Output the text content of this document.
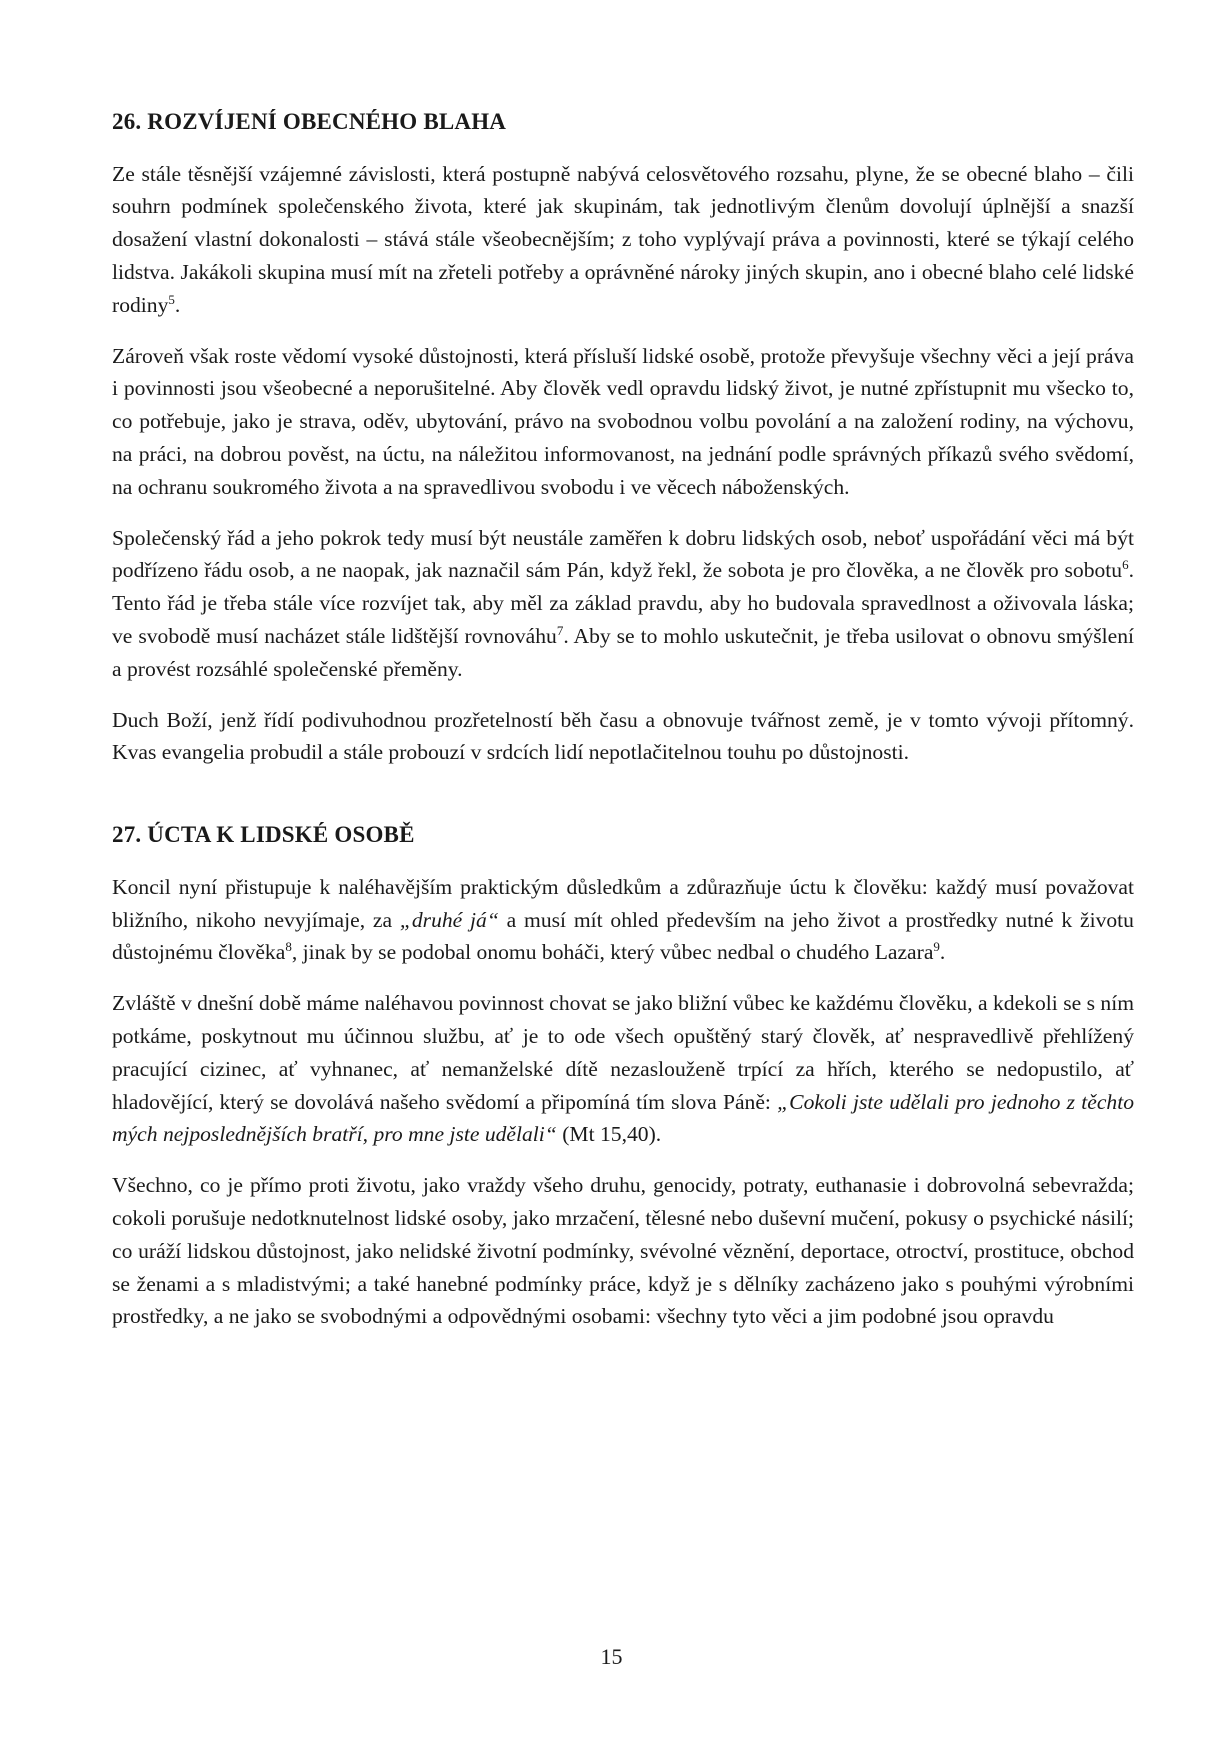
26. ROZVÍJENÍ OBECNÉHO BLAHA

Ze stále těsnější vzájemné závislosti, která postupně nabývá celosvětového rozsahu, plyne, že se obecné blaho – čili souhrn podmínek společenského života, které jak skupinám, tak jednotlivým členům dovolují úplnější a snazší dosažení vlastní dokonalosti – stává stále všeobecnějším; z toho vyplývají práva a povinnosti, které se týkají celého lidstva. Jakákoli skupina musí mít na zřeteli potřeby a oprávněné nároky jiných skupin, ano i obecné blaho celé lidské rodiny$^5$.

Zároveň však roste vědomí vysoké důstojnosti, která přísluší lidské osobě, protože převyšuje všechny věci a její práva i povinnosti jsou všeobecné a neporušitelné. Aby člověk vedl opravdu lidský život, je nutné zpřístupnit mu všecko to, co potřebuje, jako je strava, oděv, ubytování, právo na svobodnou volbu povolání a na založení rodiny, na výchovu, na práci, na dobrou pověst, na úctu, na náležitou informovanost, na jednání podle správných příkazů svého svědomí, na ochranu soukromého života a na spravedlivou svobodu i ve věcech náboženských.

Společenský řád a jeho pokrok tedy musí být neustále zaměřen k dobru lidských osob, neboť uspořádání věci má být podřízeno řádu osob, a ne naopak, jak naznačil sám Pán, když řekl, že sobota je pro člověka, a ne člověk pro sobotu$^6$. Tento řád je třeba stále více rozvíjet tak, aby měl za základ pravdu, aby ho budovala spravedlnost a oživovala láska; ve svobodě musí nacházet stále lidštější rovnováhu$^7$. Aby se to mohlo uskutečnit, je třeba usilovat o obnovu smýšlení a provést rozsáhlé společenské přeměny.

Duch Boží, jenž řídí podivuhodnou prozřetelností běh času a obnovuje tvářnost země, je v tomto vývoji přítomný. Kvas evangelia probudil a stále probouzí v srdcích lidí nepotlačitelnou touhu po důstojnosti.

27. ÚCTA K LIDSKÉ OSOBĚ

Koncil nyní přistupuje k naléhavějším praktickým důsledkům a zdůrazňuje úctu k člověku: každý musí považovat bližního, nikoho nevyjímaje, za „druhé já“ a musí mít ohled především na jeho život a prostředky nutné k životu důstojnému člověka$^8$, jinak by se podobal onomu boháči, který vůbec nedbal o chudého Lazara$^9$.

Zvláště v dnešní době máme naléhavou povinnost chovat se jako bližní vůbec ke každému člověku, a kdekoli se s ním potkáme, poskytnout mu účinnou službu, ať je to ode všech opuštěný starý člověk, ať nespravedlivě přehlížený pracující cizinec, ať vyhnanec, ať nemanželské dítě nezaslouženě trpící za hřích, kterého se nedopustilo, ať hladovějící, který se dovolává našeho svědomí a připomíná tím slova Páně: „Cokoli jste udělali pro jednoho z těchto mých nejposlednějších bratří, pro mne jste udělali“ (Mt 15,40).

Všechno, co je přímo proti životu, jako vraždy všeho druhu, genocidy, potraty, euthanasie i dobrovolná sebevražda; cokoli porušuje nedotknutelnost lidské osoby, jako mrzačení, tělesné nebo duševní mučení, pokusy o psychické násilí; co uráží lidskou důstojnost, jako nelidské životní podmínky, svévolné věznění, deportace, otroctví, prostituce, obchod se ženami a s mladistvými; a také hanebné podmínky práce, když je s dělníky zacházeno jako s pouhými výrobními prostředky, a ne jako se svobodnými a odpovědnými osobami: všechny tyto věci a jim podobné jsou opravdu

15
